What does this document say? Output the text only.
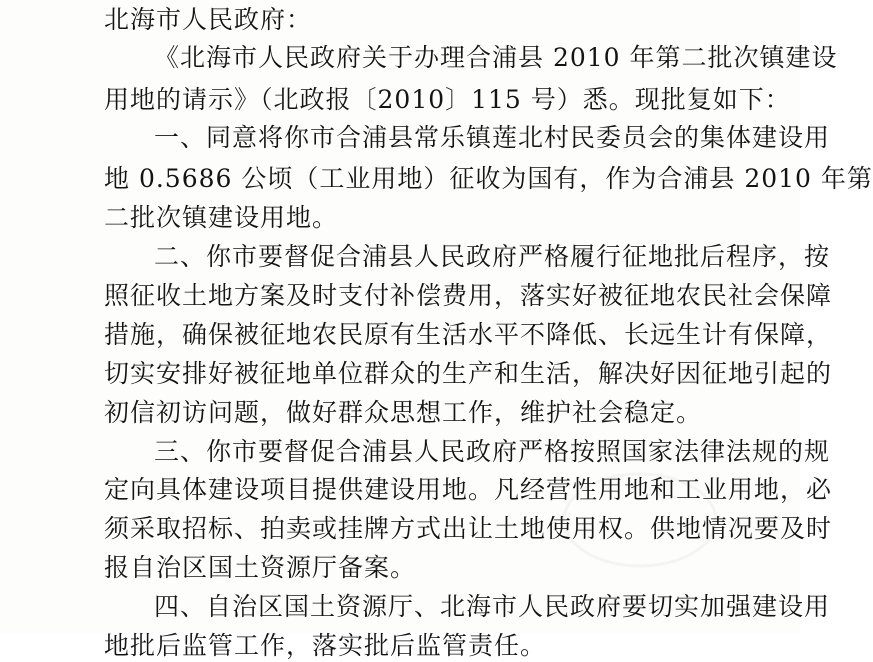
北海市人民政府：
《北海市人民政府关于办理合浦县 2010 年第二批次镇建设
用地的请示》（北政报〔2010〕115 号）悉。现批复如下：
一、同意将你市合浦县常乐镇莲北村民委员会的集体建设用
地 0.5686 公顷（工业用地）征收为国有，作为合浦县 2010 年第
二批次镇建设用地。
二、你市要督促合浦县人民政府严格履行征地批后程序，按
照征收土地方案及时支付补偿费用，落实好被征地农民社会保障
措施，确保被征地农民原有生活水平不降低、长远生计有保障，
切实安排好被征地单位群众的生产和生活，解决好因征地引起的
初信初访问题，做好群众思想工作，维护社会稳定。
三、你市要督促合浦县人民政府严格按照国家法律法规的规
定向具体建设项目提供建设用地。凡经营性用地和工业用地，必
须采取招标、拍卖或挂牌方式出让土地使用权。供地情况要及时
报自治区国土资源厅备案。
四、自治区国土资源厅、北海市人民政府要切实加强建设用
地批后监管工作，落实批后监管责任。
